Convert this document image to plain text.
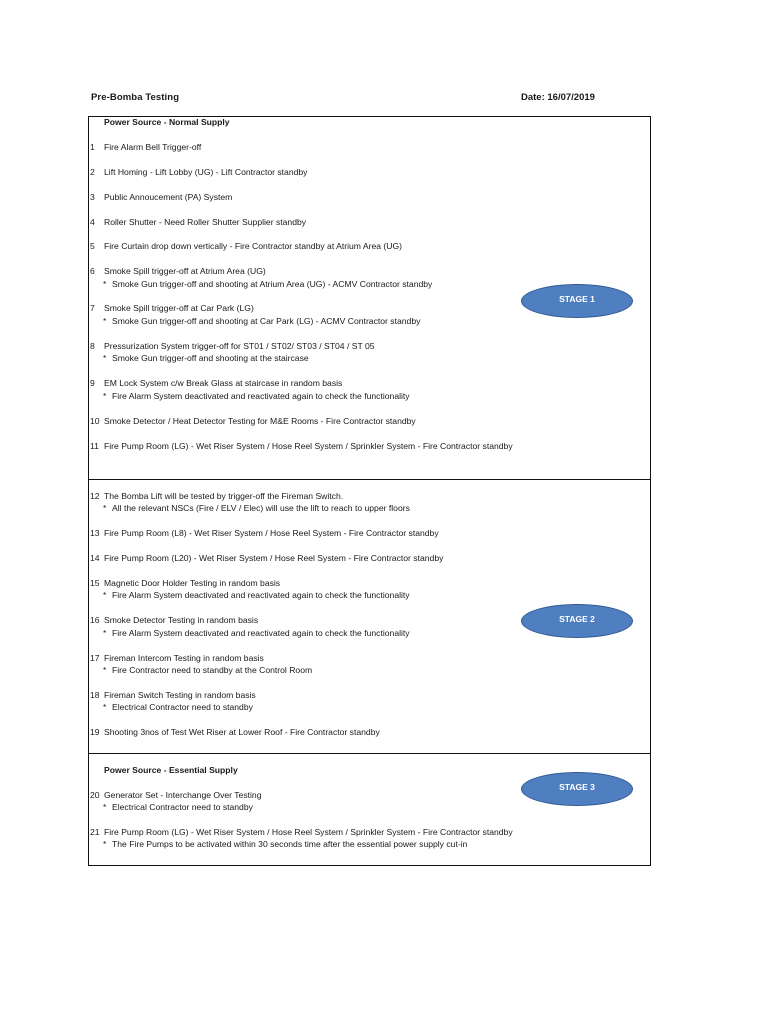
Pre-Bomba Testing	Date: 16/07/2019
Power Source - Normal Supply
Power Source - Essential Supply
1 Fire Alarm Bell Trigger-off
2 Lift Homing - Lift Lobby (UG) - Lift Contractor standby
3 Public Annoucement (PA) System
4 Roller Shutter - Need Roller Shutter Supplier standby
5 Fire Curtain drop down vertically - Fire Contractor standby at Atrium Area (UG)
6 Smoke Spill trigger-off at Atrium Area (UG)
* Smoke Gun trigger-off and shooting at Atrium Area (UG) - ACMV Contractor standby
7 Smoke Spill trigger-off at Car Park (LG)
* Smoke Gun trigger-off and shooting at Car Park (LG) - ACMV Contractor standby
8 Pressurization System trigger-off for ST01 / ST02/ ST03 / ST04 / ST 05
* Smoke Gun trigger-off and shooting at the staircase
9 EM Lock System c/w Break Glass at staircase in random basis
* Fire Alarm System deactivated and reactivated again to check the functionality
10 Smoke Detector / Heat Detector Testing for M&E Rooms - Fire Contractor standby
11 Fire Pump Room (LG) - Wet Riser System / Hose Reel System / Sprinkler System - Fire Contractor standby
12 The Bomba Lift will be tested by trigger-off the Fireman Switch.
* All the relevant NSCs (Fire / ELV / Elec) will use the lift to reach to upper floors
13 Fire Pump Room (L8) - Wet Riser System / Hose Reel System - Fire Contractor standby
14 Fire Pump Room (L20) - Wet Riser System / Hose Reel System - Fire Contractor standby
15 Magnetic Door Holder Testing in random basis
* Fire Alarm System deactivated and reactivated again to check the functionality
16 Smoke Detector Testing in random basis
* Fire Alarm System deactivated and reactivated again to check the functionality
17 Fireman Intercom Testing in random basis
* Fire Contractor need to standby at the Control Room
18 Fireman Switch Testing in random basis
* Electrical Contractor need to standby
19 Shooting 3nos of Test Wet Riser at Lower Roof - Fire Contractor standby
20 Generator Set - Interchange Over Testing
* Electrical Contractor need to standby
21 Fire Pump Room (LG) - Wet Riser System / Hose Reel System / Sprinkler System - Fire Contractor standby
* The Fire Pumps to be activated within 30 seconds time after the essential power supply cut-in
STAGE 1
STAGE 2
STAGE 3
